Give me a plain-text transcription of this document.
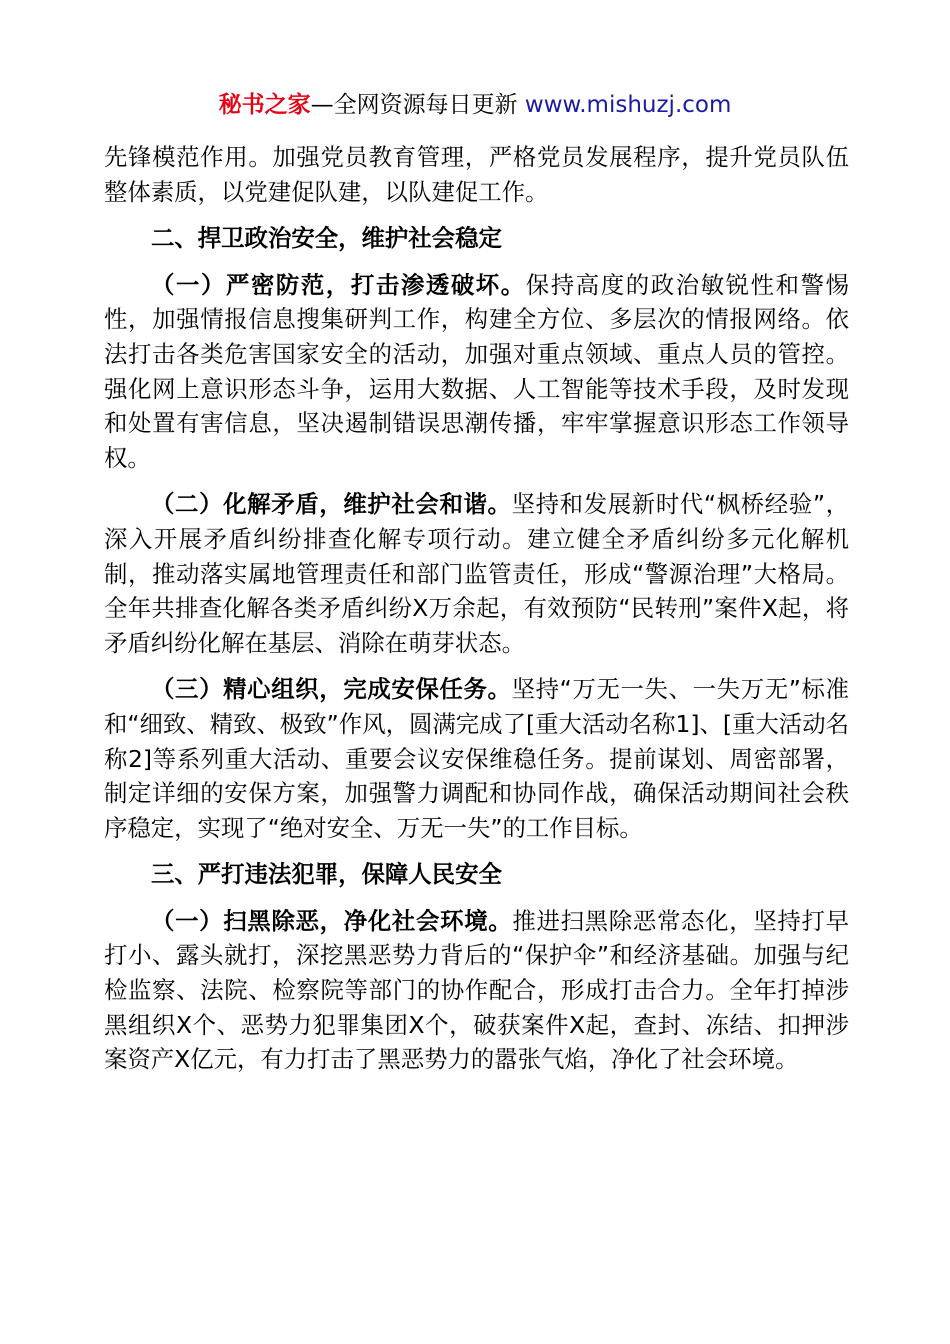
秘书之家—全网资源每日更新 www.mishuzj.com

先锋模范作用。加强党员教育管理，严格党员发展程序，提升党员队伍整体素质，以党建促队建，以队建促工作。

二、捍卫政治安全，维护社会稳定

（一）严密防范，打击渗透破坏。保持高度的政治敏锐性和警惕性，加强情报信息搜集研判工作，构建全方位、多层次的情报网络。依法打击各类危害国家安全的活动，加强对重点领域、重点人员的管控。强化网上意识形态斗争，运用大数据、人工智能等技术手段，及时发现和处置有害信息，坚决遏制错误思潮传播，牢牢掌握意识形态工作领导权。

（二）化解矛盾，维护社会和谐。坚持和发展新时代“枫桥经验”，深入开展矛盾纠纷排查化解专项行动。建立健全矛盾纠纷多元化解机制，推动落实属地管理责任和部门监管责任，形成“警源治理”大格局。全年共排查化解各类矛盾纠纷X万余起，有效预防“民转刑”案件X起，将矛盾纠纷化解在基层、消除在萌芽状态。

（三）精心组织，完成安保任务。坚持“万无一失、一失万无”标准和“细致、精致、极致”作风，圆满完成了[重大活动名称1]、[重大活动名称2]等系列重大活动、重要会议安保维稳任务。提前谋划、周密部署，制定详细的安保方案，加强警力调配和协同作战，确保活动期间社会秩序稳定，实现了“绝对安全、万无一失”的工作目标。

三、严打违法犯罪，保障人民安全

（一）扫黑除恶，净化社会环境。推进扫黑除恶常态化，坚持打早打小、露头就打，深挖黑恶势力背后的“保护伞”和经济基础。加强与纪检监察、法院、检察院等部门的协作配合，形成打击合力。全年打掉涉黑组织X个、恶势力犯罪集团X个，破获案件X起，查封、冻结、扣押涉案资产X亿元，有力打击了黑恶势力的嚣张气焰，净化了社会环境。
